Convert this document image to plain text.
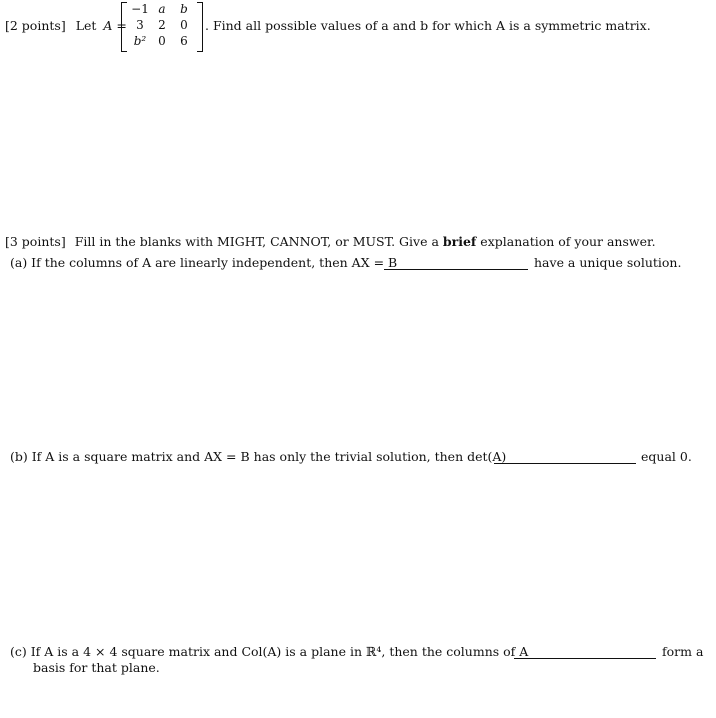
[2 points] Let A =
−1 a	b
3	2	0
b² 0	6
. Find all possible values of a and b for which A is a symmetric matrix.
[3 points] Fill in the blanks with MIGHT, CANNOT, or MUST. Give a brief explanation of your answer.
(a) If the columns of A are linearly independent, then AX = B	have a unique solution.
(b) If A is a square matrix and AX = B has only the trivial solution, then det(A)	equal 0.
(c) If A is a 4 × 4 square matrix and Col(A) is a plane in ℝ⁴, then the columns of A	form a
basis for that plane.
